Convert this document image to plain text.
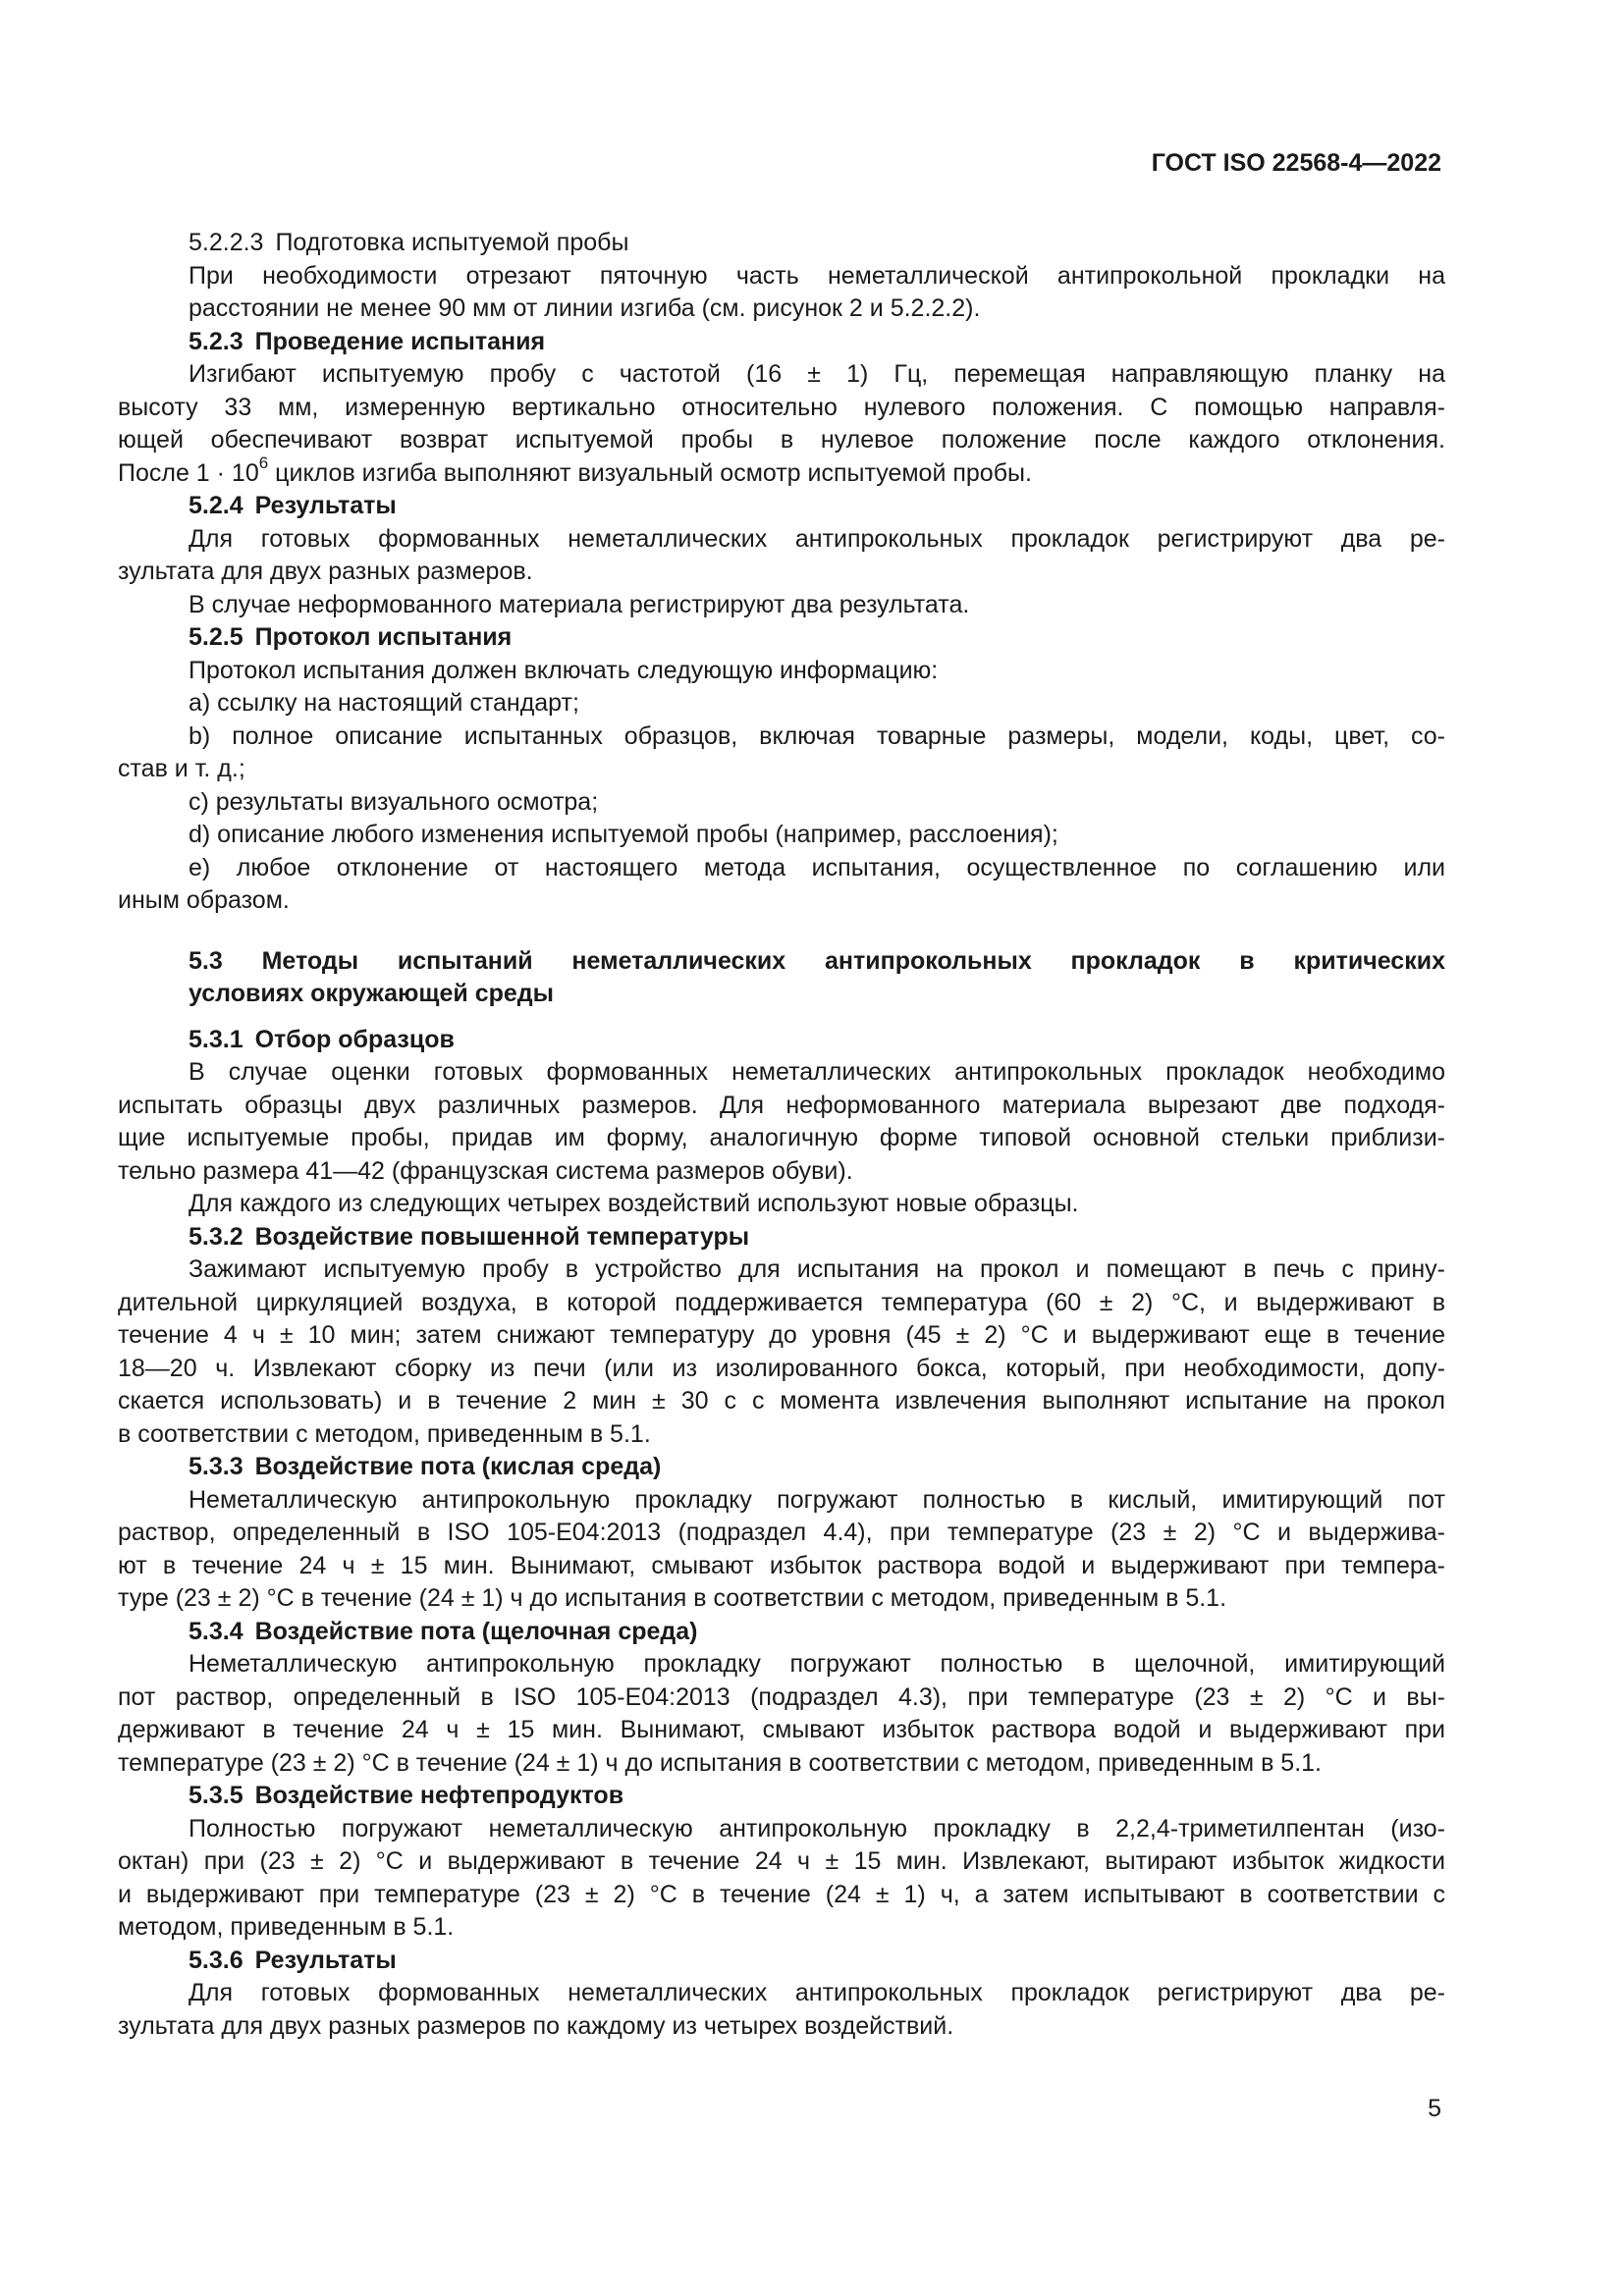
ГОСТ ISO 22568-4—2022

5.2.2.3 Подготовка испытуемой пробы

При необходимости отрезают пяточную часть неметаллической антипрокольной прокладки на
расстоянии не менее 90 мм от линии изгиба (см. рисунок 2 и 5.2.2.2).

5.2.3 Проведение испытания

Изгибают испытуемую пробу с частотой (16 ± 1) Гц, перемещая направляющую планку на
высоту 33 мм, измеренную вертикально относительно нулевого положения. С помощью направля-
ющей обеспечивают возврат испытуемой пробы в нулевое положение после каждого отклонения.
После $1 \cdot 10^6$ циклов изгиба выполняют визуальный осмотр испытуемой пробы.

5.2.4 Результаты

Для готовых формованных неметаллических антипрокольных прокладок регистрируют два ре-
зультата для двух разных размеров.

В случае неформованного материала регистрируют два результата.

5.2.5 Протокол испытания

Протокол испытания должен включать следующую информацию:

a) ссылку на настоящий стандарт;

b) полное описание испытанных образцов, включая товарные размеры, модели, коды, цвет, со-
став и т. д.;

c) результаты визуального осмотра;

d) описание любого изменения испытуемой пробы (например, расслоения);

e) любое отклонение от настоящего метода испытания, осуществленное по соглашению или
иным образом.

5.3 Методы испытаний неметаллических антипрокольных прокладок в критических
условиях окружающей среды

5.3.1 Отбор образцов

В случае оценки готовых формованных неметаллических антипрокольных прокладок необходимо
испытать образцы двух различных размеров. Для неформованного материала вырезают две подходя-
щие испытуемые пробы, придав им форму, аналогичную форме типовой основной стельки приблизи-
тельно размера 41—42 (французская система размеров обуви).

Для каждого из следующих четырех воздействий используют новые образцы.

5.3.2 Воздействие повышенной температуры

Зажимают испытуемую пробу в устройство для испытания на прокол и помещают в печь с прину-
дительной циркуляцией воздуха, в которой поддерживается температура (60 ± 2) °С, и выдерживают в
течение 4 ч ± 10 мин; затем снижают температуру до уровня (45 ± 2) °С и выдерживают еще в течение
18—20 ч. Извлекают сборку из печи (или из изолированного бокса, который, при необходимости, допу-
скается использовать) и в течение 2 мин ± 30 с с момента извлечения выполняют испытание на прокол
в соответствии с методом, приведенным в 5.1.

5.3.3 Воздействие пота (кислая среда)

Неметаллическую антипрокольную прокладку погружают полностью в кислый, имитирующий пот
раствор, определенный в ISO 105-E04:2013 (подраздел 4.4), при температуре (23 ± 2) °С и выдержива-
ют в течение 24 ч ± 15 мин. Вынимают, смывают избыток раствора водой и выдерживают при темпера-
туре (23 ± 2) °С в течение (24 ± 1) ч до испытания в соответствии с методом, приведенным в 5.1.

5.3.4 Воздействие пота (щелочная среда)

Неметаллическую антипрокольную прокладку погружают полностью в щелочной, имитирующий
пот раствор, определенный в ISO 105-E04:2013 (подраздел 4.3), при температуре (23 ± 2) °С и вы-
держивают в течение 24 ч ± 15 мин. Вынимают, смывают избыток раствора водой и выдерживают при
температуре (23 ± 2) °С в течение (24 ± 1) ч до испытания в соответствии с методом, приведенным в 5.1.

5.3.5 Воздействие нефтепродуктов

Полностью погружают неметаллическую антипрокольную прокладку в 2,2,4-триметилпентан (изо-
октан) при (23 ± 2) °С и выдерживают в течение 24 ч ± 15 мин. Извлекают, вытирают избыток жидкости
и выдерживают при температуре (23 ± 2) °С в течение (24 ± 1) ч, а затем испытывают в соответствии с
методом, приведенным в 5.1.

5.3.6 Результаты

Для готовых формованных неметаллических антипрокольных прокладок регистрируют два ре-
зультата для двух разных размеров по каждому из четырех воздействий.

5
